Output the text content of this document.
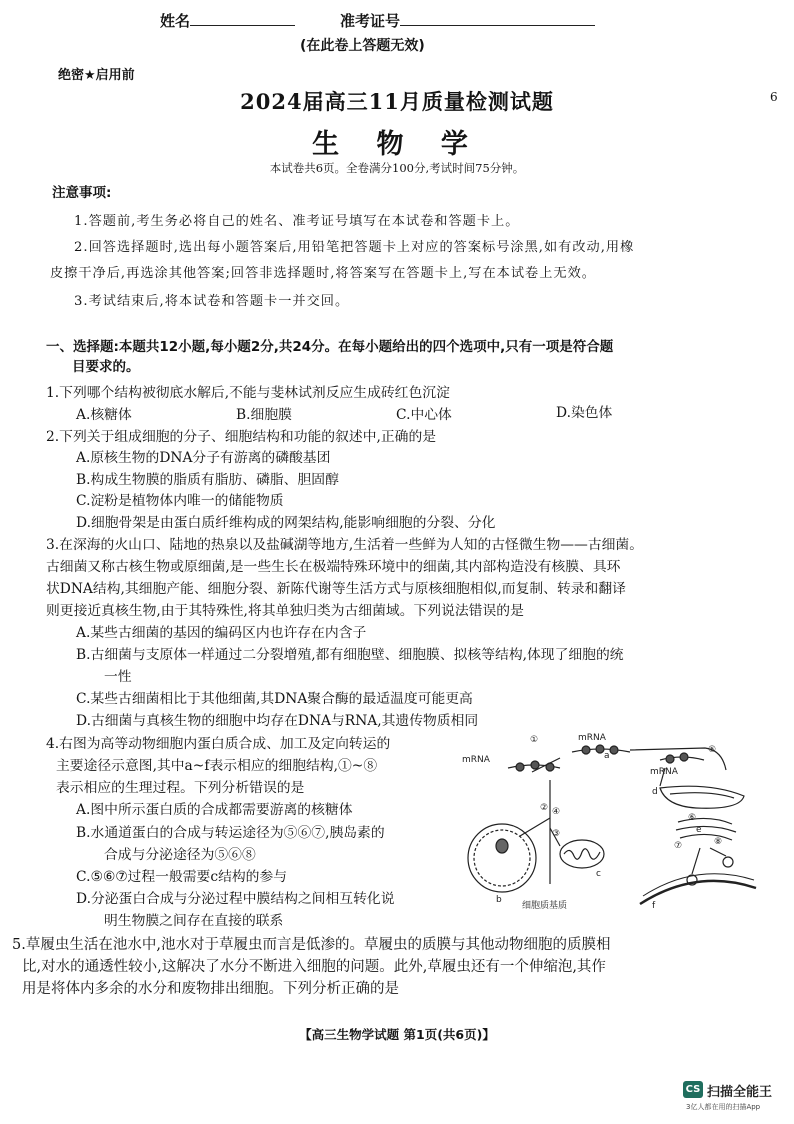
姓名	准考证号
(在此卷上答题无效)
绝密★启用前
6
2024届高三11月质量检测试题
生 物 学
本试卷共6页。全卷满分100分,考试时间75分钟。
注意事项:
1.答题前,考生务必将自己的姓名、准考证号填写在本试卷和答题卡上。
2.回答选择题时,选出每小题答案后,用铅笔把答题卡上对应的答案标号涂黑,如有改动,用橡
皮擦干净后,再选涂其他答案;回答非选择题时,将答案写在答题卡上,写在本试卷上无效。
3.考试结束后,将本试卷和答题卡一并交回。
一、选择题:本题共12小题,每小题2分,共24分。在每小题给出的四个选项中,只有一项是符合题
目要求的。
1.下列哪个结构被彻底水解后,不能与斐林试剂反应生成砖红色沉淀
A.核糖体	B.细胞膜	C.中心体	D.染色体
2.下列关于组成细胞的分子、细胞结构和功能的叙述中,正确的是
A.原核生物的DNA分子有游离的磷酸基团
B.构成生物膜的脂质有脂肪、磷脂、胆固醇
C.淀粉是植物体内唯一的储能物质
D.细胞骨架是由蛋白质纤维构成的网架结构,能影响细胞的分裂、分化
3.在深海的火山口、陆地的热泉以及盐碱湖等地方,生活着一些鲜为人知的古怪微生物——古细菌。
古细菌又称古核生物或原细菌,是一些生长在极端特殊环境中的细菌,其内部构造没有核膜、具环
状DNA结构,其细胞产能、细胞分裂、新陈代谢等生活方式与原核细胞相似,而复制、转录和翻译
则更接近真核生物,由于其特殊性,将其单独归类为古细菌域。下列说法错误的是
A.某些古细菌的基因的编码区内也许存在内含子
B.古细菌与支原体一样通过二分裂增殖,都有细胞壁、细胞膜、拟核等结构,体现了细胞的统
一性
C.某些古细菌相比于其他细菌,其DNA聚合酶的最适温度可能更高
D.古细菌与真核生物的细胞中均存在DNA与RNA,其遗传物质相同
4.右图为高等动物细胞内蛋白质合成、加工及定向转运的
主要途径示意图,其中a~f表示相应的细胞结构,①~⑧
表示相应的生理过程。下列分析错误的是
A.图中所示蛋白质的合成都需要游离的核糖体
B.水通道蛋白的合成与转运途径为⑤⑥⑦,胰岛素的
合成与分泌途径为⑤⑥⑧
C.⑤⑥⑦过程一般需要c结构的参与
D.分泌蛋白合成与分泌过程中膜结构之间相互转化说
明生物膜之间存在直接的联系
mRNA
mRNA
mRNA
①
②
③
④
⑤
⑥
⑦	⑧
a
b
c
d
e
f
细胞质基质
5.草履虫生活在池水中,池水对于草履虫而言是低渗的。草履虫的质膜与其他动物细胞的质膜相
比,对水的通透性较小,这解决了水分不断进入细胞的问题。此外,草履虫还有一个伸缩泡,其作
用是将体内多余的水分和废物排出细胞。下列分析正确的是
【高三生物学试题 第1页(共6页)】
CS 扫描全能王
3亿人都在用的扫描App
